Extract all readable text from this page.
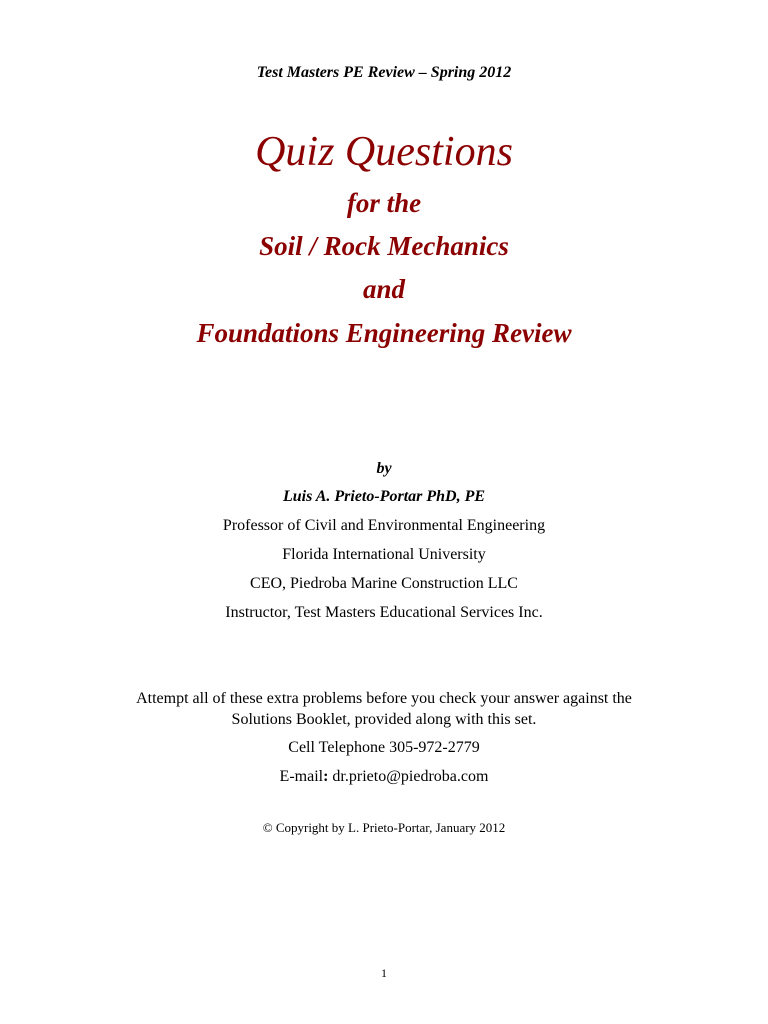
Test Masters PE Review – Spring 2012
Quiz Questions
for the
Soil / Rock Mechanics
and
Foundations Engineering Review
by
Luis A. Prieto-Portar PhD, PE
Professor of Civil and Environmental Engineering
Florida International University
CEO, Piedroba Marine Construction LLC
Instructor, Test Masters Educational Services Inc.
Attempt all of these extra problems before you check your answer against the
Solutions Booklet, provided along with this set.
Cell Telephone 305-972-2779
E-mail: dr.prieto@piedroba.com
© Copyright by L. Prieto-Portar, January 2012
1
